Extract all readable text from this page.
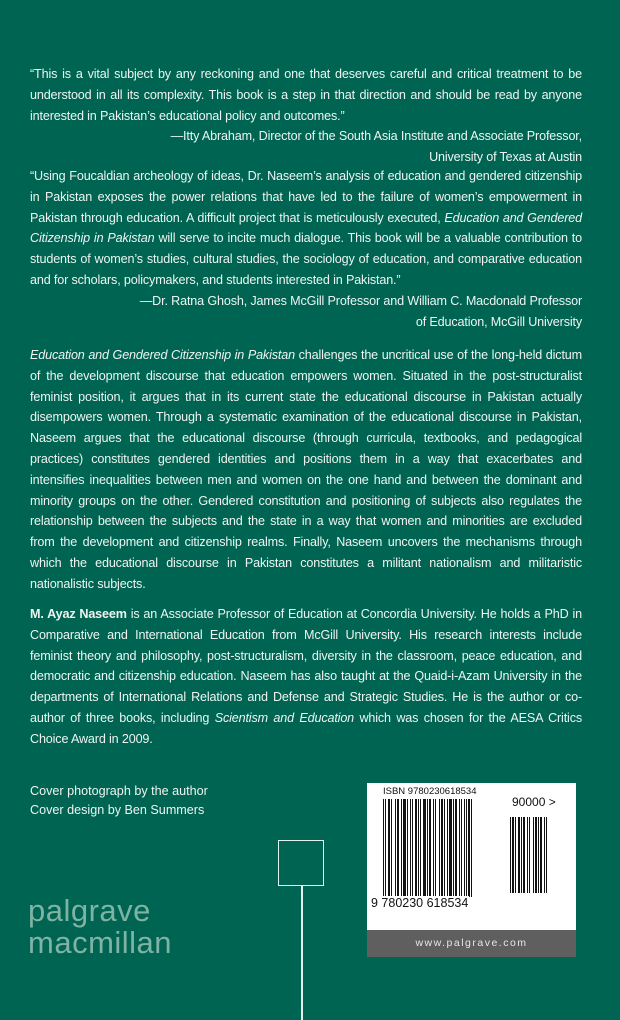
“This is a vital subject by any reckoning and one that deserves careful and critical treatment to be understood in all its complexity. This book is a step in that direction and should be read by anyone interested in Pakistan’s educational policy and outcomes.”

—Itty Abraham, Director of the South Asia Institute and Associate Professor,
University of Texas at Austin

“Using Foucaldian archeology of ideas, Dr. Naseem’s analysis of education and gendered citizenship in Pakistan exposes the power relations that have led to the failure of women’s empowerment in Pakistan through education. A difficult project that is meticulously executed, Education and Gendered Citizenship in Pakistan will serve to incite much dialogue. This book will be a valuable contribution to students of women’s studies, cultural studies, the sociology of education, and comparative education and for scholars, policymakers, and students interested in Pakistan.”

—Dr. Ratna Ghosh, James McGill Professor and William C. Macdonald Professor
of Education, McGill University

Education and Gendered Citizenship in Pakistan challenges the uncritical use of the long-held dictum of the development discourse that education empowers women. Situated in the post-structuralist feminist position, it argues that in its current state the educational discourse in Pakistan actually disempowers women. Through a systematic examination of the educational discourse in Pakistan, Naseem argues that the educational discourse (through curricula, textbooks, and pedagogical practices) constitutes gendered identities and positions them in a way that exacerbates and intensifies inequalities between men and women on the one hand and between the dominant and minority groups on the other. Gendered constitution and positioning of subjects also regulates the relationship between the subjects and the state in a way that women and minorities are excluded from the development and citizenship realms. Finally, Naseem uncovers the mechanisms through which the educational discourse in Pakistan constitutes a militant nationalism and militaristic nationalistic subjects.

M. Ayaz Naseem is an Associate Professor of Education at Concordia University. He holds a PhD in Comparative and International Education from McGill University. His research interests include feminist theory and philosophy, post-structuralism, diversity in the classroom, peace education, and democratic and citizenship education. Naseem has also taught at the Quaid-i-Azam University in the departments of International Relations and Defense and Strategic Studies. He is the author or co-author of three books, including Scientism and Education which was chosen for the AESA Critics Choice Award in 2009.

Cover photograph by the author
Cover design by Ben Summers
palgrave
macmillan
ISBN 9780230618534
90000 >
9 780230 618534
www.palgrave.com
